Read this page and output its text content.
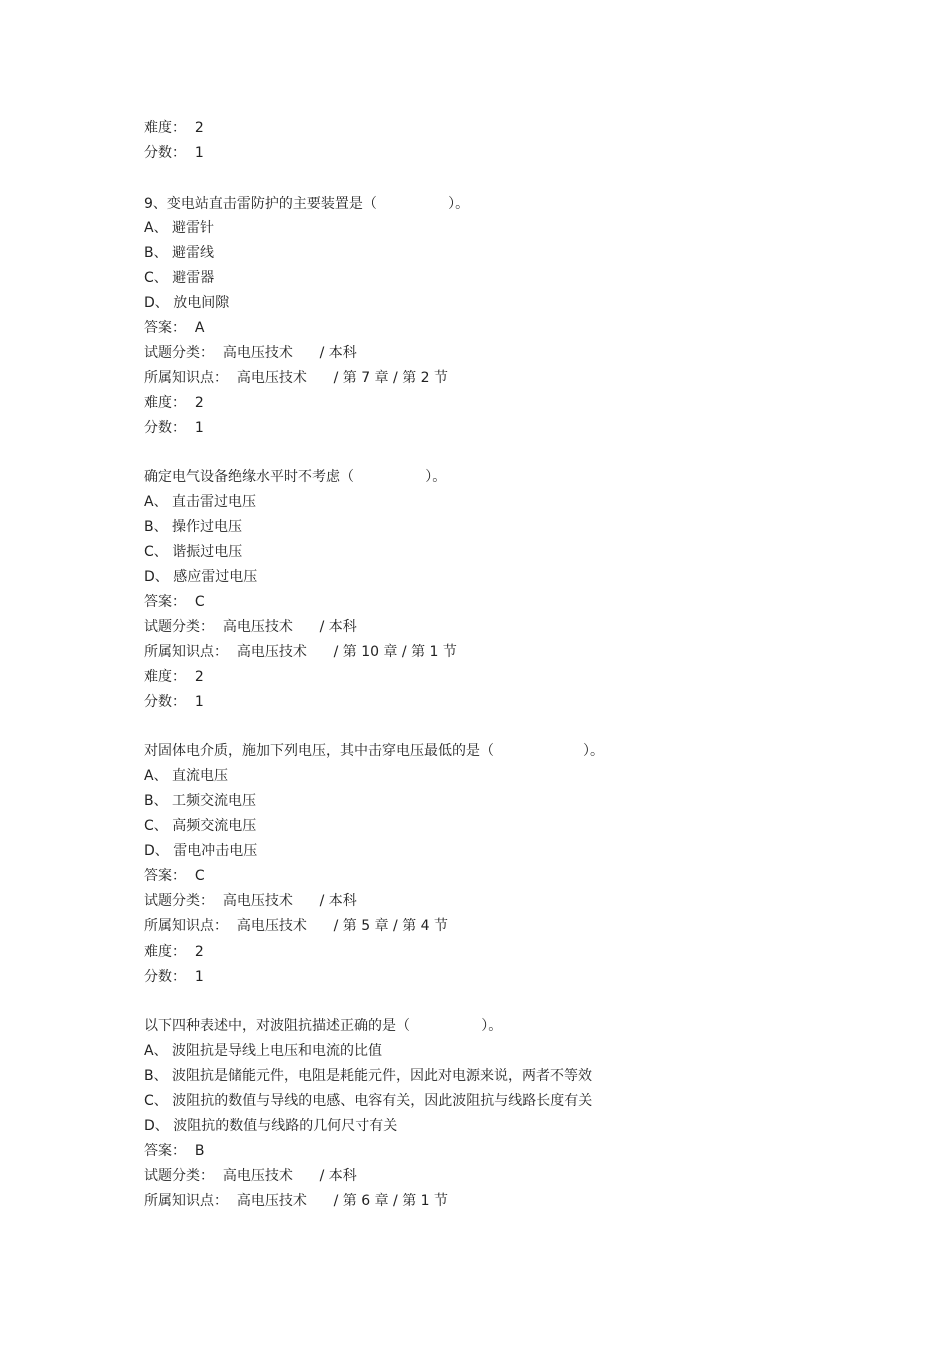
难度：  2
分数：  1
9、变电站直击雷防护的主要装置是（                ）。
A、 避雷针
B、 避雷线
C、 避雷器
D、 放电间隙
答案：  A
试题分类：  高电压技术      / 本科
所属知识点：  高电压技术      / 第 7 章 / 第 2 节
难度：  2
分数：  1
确定电气设备绝缘水平时不考虑（                ）。
A、 直击雷过电压
B、 操作过电压
C、 谐振过电压
D、 感应雷过电压
答案：  C
试题分类：  高电压技术      / 本科
所属知识点：  高电压技术      / 第 10 章 / 第 1 节
难度：  2
分数：  1
对固体电介质，施加下列电压，其中击穿电压最低的是（                    ）。
A、 直流电压
B、 工频交流电压
C、 高频交流电压
D、 雷电冲击电压
答案：  C
试题分类：  高电压技术      / 本科
所属知识点：  高电压技术      / 第 5 章 / 第 4 节
难度：  2
分数：  1
以下四种表述中，对波阻抗描述正确的是（                ）。
A、 波阻抗是导线上电压和电流的比值
B、 波阻抗是储能元件，电阻是耗能元件，因此对电源来说，两者不等效
C、 波阻抗的数值与导线的电感、电容有关，因此波阻抗与线路长度有关
D、 波阻抗的数值与线路的几何尺寸有关
答案：  B
试题分类：  高电压技术      / 本科
所属知识点：  高电压技术      / 第 6 章 / 第 1 节
